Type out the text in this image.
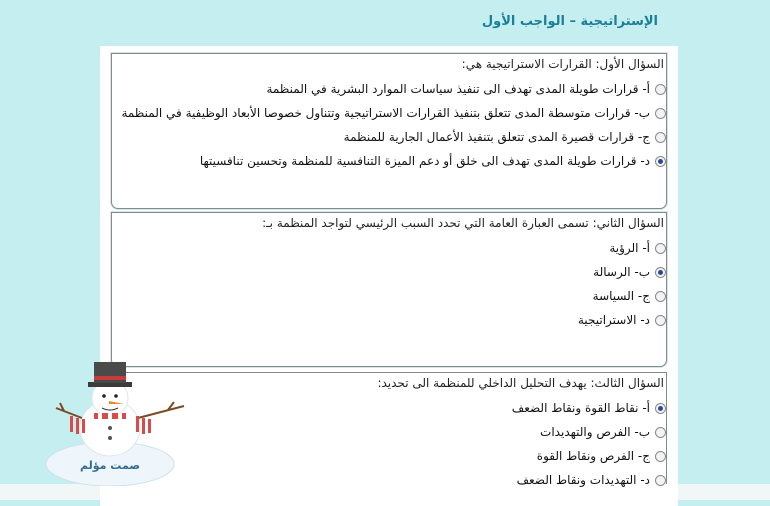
الإستراتيجية – الواجب الأول
السؤال الأول: القرارات الاستراتيجية هي:
أ- قرارات طويلة المدى تهدف الى تنفيذ سياسات الموارد البشرية في المنظمة
ب- قرارات متوسطة المدى تتعلق بتنفيذ القرارات الاستراتيجية وتتناول خصوصا الأبعاد الوظيفية في المنظمة
ج- قرارات قصيرة المدى تتعلق بتنفيذ الأعمال الجارية للمنظمة
د- قرارات طويلة المدى تهدف الى خلق أو دعم الميزة التنافسية للمنظمة وتحسين تنافسيتها
السؤال الثاني: تسمى العبارة العامة التي تحدد السبب الرئيسي لتواجد المنظمة بـ:
أ- الرؤية
ب- الرسالة
ج- السياسة
د- الاستراتيجية
السؤال الثالث: يهدف التحليل الداخلي للمنظمة الى تحديد:
أ- نقاط القوة ونقاط الضعف
ب- الفرص والتهديدات
ج- الفرص ونقاط القوة
د- التهديدات ونقاط الضعف
صمت مؤلم
